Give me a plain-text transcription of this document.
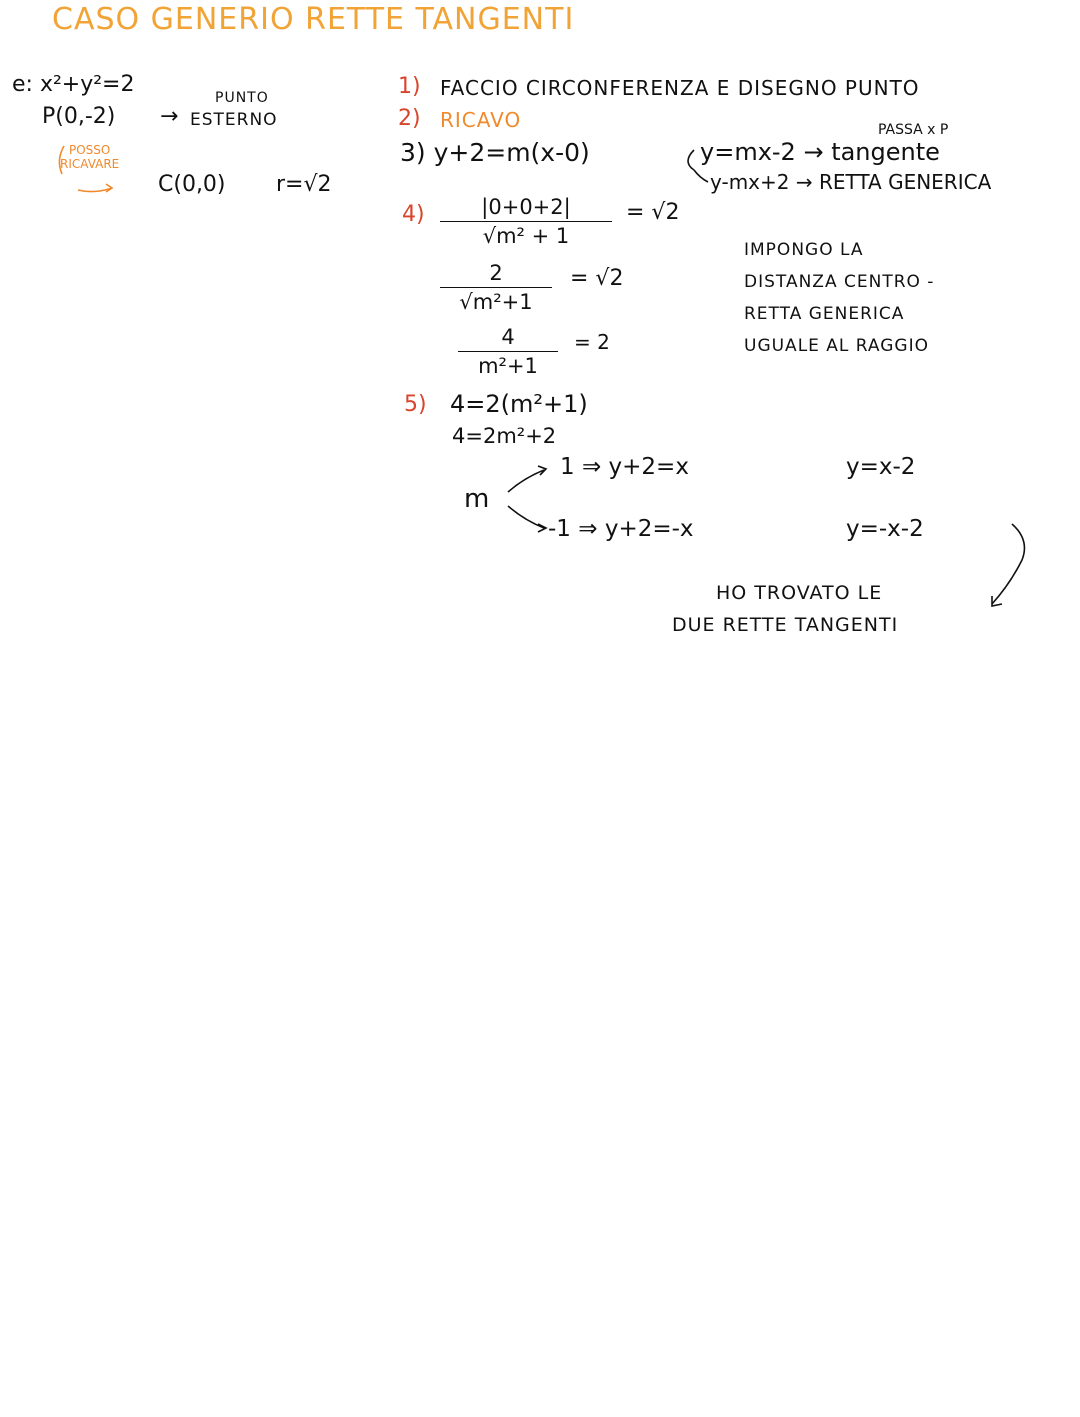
CASO GENERIO RETTE TANGENTI
e: x²+y²=2
PUNTO
P(0,-2) → ESTERNO
POSSO
RICAVARE
C(0,0) r=√2
1) FACCIO CIRCONFERENZA E DISEGNO PUNTO
2) RICAVO
3) y+2=m(x-0)
PASSA x P
y=mx-2 → tangente
y-mx+2 → RETTA GENERICA
4)	|0+0+2|
√m² + 1
= √2
2
√m²+1
= √2
4
m²+1
= 2
IMPONGO LA
DISTANZA CENTRO -
RETTA GENERICA
UGUALE AL RAGGIO
5) 4=2(m²+1)
4=2m²+2
m
1 ⇒ y+2=x
-1 ⇒ y+2=-x
y=x-2
y=-x-2
HO TROVATO LE
DUE RETTE TANGENTI
